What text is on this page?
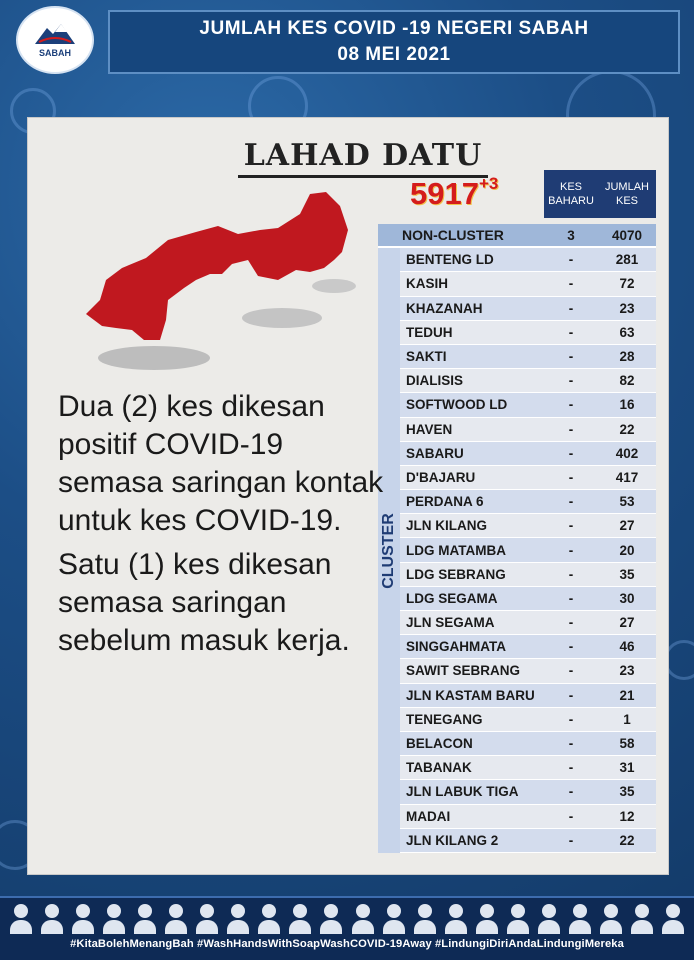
SABAH
JUMLAH KES COVID -19 NEGERI SABAH
08 MEI 2021
LAHAD DATU
$5917^{+3}$	KES BAHARU
JUMLAH KES
NON-CLUSTER	3	4070
CLUSTER
BENTENG LD	-	281
KASIH	-	72
KHAZANAH	-	23
TEDUH	-	63
SAKTI	-	28
DIALISIS	-	82
SOFTWOOD LD	-	16
HAVEN	-	22
SABARU	-	402
D'BAJARU	-	417
PERDANA 6	-	53
JLN KILANG	-	27
LDG MATAMBA	-	20
LDG SEBRANG	-	35
LDG SEGAMA	-	30
JLN SEGAMA	-	27
SINGGAHMATA	-	46
SAWIT SEBRANG	-	23
JLN KASTAM BARU	-	21
TENEGANG	-	1
BELACON	-	58
TABANAK	-	31
JLN LABUK TIGA	-	35
MADAI	-	12
JLN KILANG 2	-	22

Dua (2) kes dikesan positif COVID-19 semasa saringan kontak untuk kes COVID-19.

Satu (1) kes dikesan semasa saringan sebelum masuk kerja.

#KitaBolehMenangBah #WashHandsWithSoapWashCOVID-19Away #LindungiDiriAndaLindungiMereka
